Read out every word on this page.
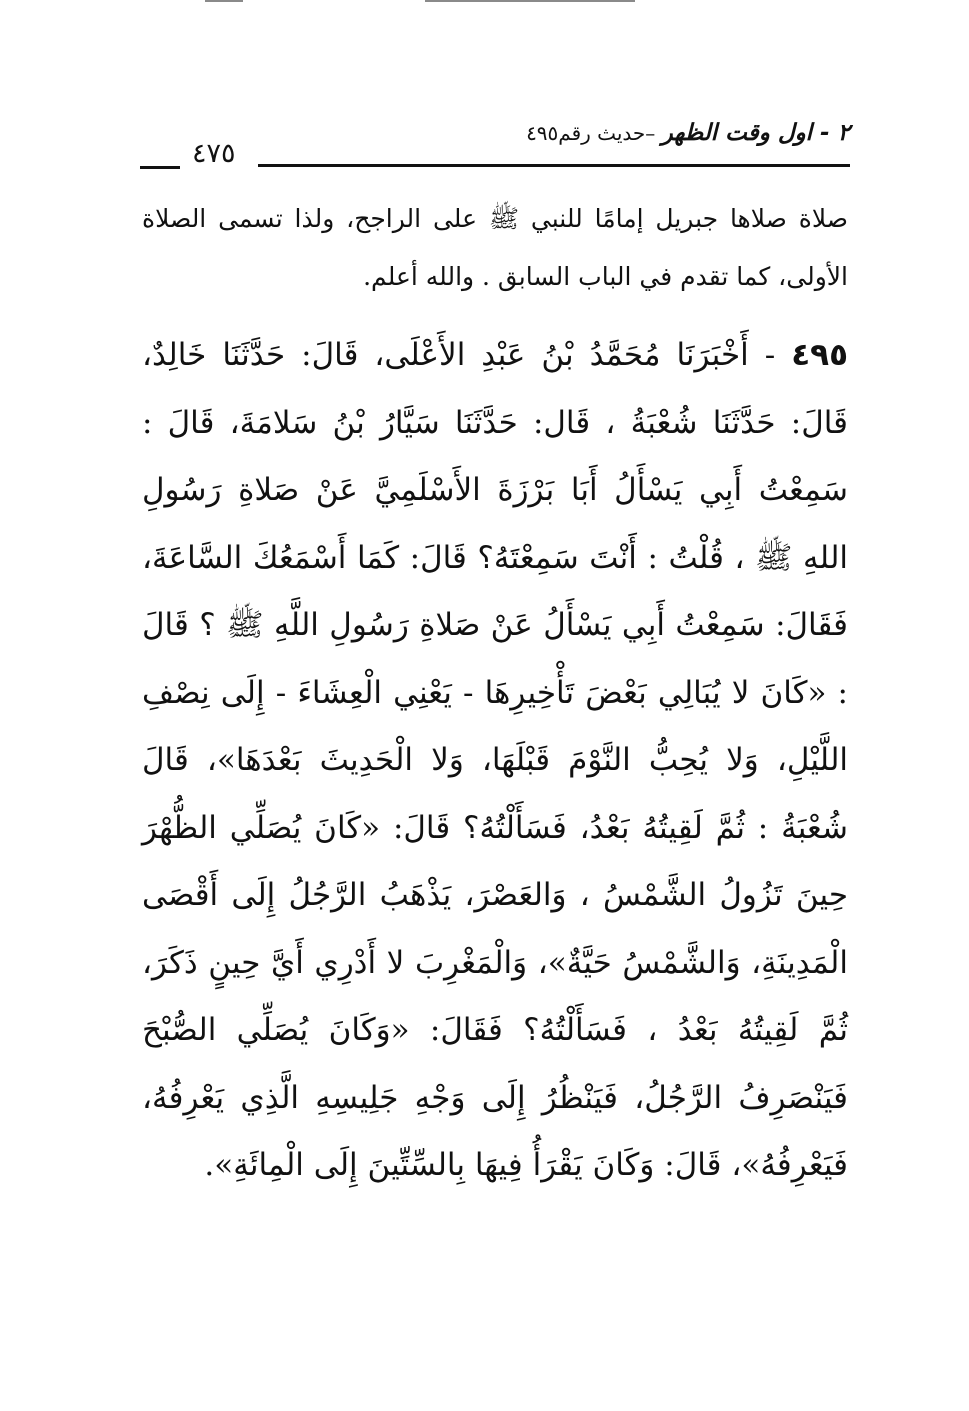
٢ - اول وقت الظهر –حديث رقم٤٩٥
٤٧٥
صلاة صلاها جبريل إمامًا للنبي ﷺ على الراجح، ولذا تسمى الصلاة الأولى، كما تقدم في الباب السابق . والله أعلم.
٤٩٥ - أَخْبَرَنَا مُحَمَّدُ بْنُ عَبْدِ الأَعْلَى، قَالَ: حَدَّثَنَا خَالِدٌ، قَالَ: حَدَّثَنَا شُعْبَةُ ، قَال: حَدَّثَنَا سَيَّارُ بْنُ سَلامَةَ، قَالَ : سَمِعْتُ أَبِي يَسْأَلُ أَبَا بَرْزَةَ الأَسْلَمِيَّ عَنْ صَلاةِ رَسُولِ اللهِ ﷺ ، قُلْتُ : أَنْتَ سَمِعْتَهُ؟ قَالَ: كَمَا أَسْمَعُكَ السَّاعَةَ، فَقَالَ: سَمِعْتُ أَبِي يَسْأَلُ عَنْ صَلاةِ رَسُولِ اللَّهِ ﷺ ؟ قَالَ : «كَانَ لا يُبَالِي بَعْضَ تَأْخِيرِهَا - يَعْنِي الْعِشَاءَ - إِلَى نِصْفِ اللَّيْلِ، وَلا يُحِبُّ النَّوْمَ قَبْلَهَا، وَلا الْحَدِيثَ بَعْدَهَا»، قَالَ شُعْبَةُ : ثُمَّ لَقِيتُهُ بَعْدُ، فَسَأَلْتُهُ؟ قَالَ: «كَانَ يُصَلِّي الظُّهْرَ حِينَ تَزُولُ الشَّمْسُ ، وَالعَصْرَ، يَذْهَبُ الرَّجُلُ إِلَى أَقْصَى الْمَدِينَةِ، وَالشَّمْسُ حَيَّةٌ»، وَالْمَغْرِبَ لا أَدْرِي أَيَّ حِينٍ ذَكَرَ، ثُمَّ لَقِيتُهُ بَعْدُ ، فَسَأَلْتُهُ؟ فَقَالَ: «وَكَانَ يُصَلِّي الصُّبْحَ فَيَنْصَرِفُ الرَّجُلُ، فَيَنْظُرُ إِلَى وَجْهِ جَلِيسِهِ الَّذِي يَعْرِفُهُ، فَيَعْرِفُهُ»، قَالَ: وَكَانَ يَقْرَأُ فِيهَا بِالسِّتِّينَ إِلَى الْمِائَةِ».
